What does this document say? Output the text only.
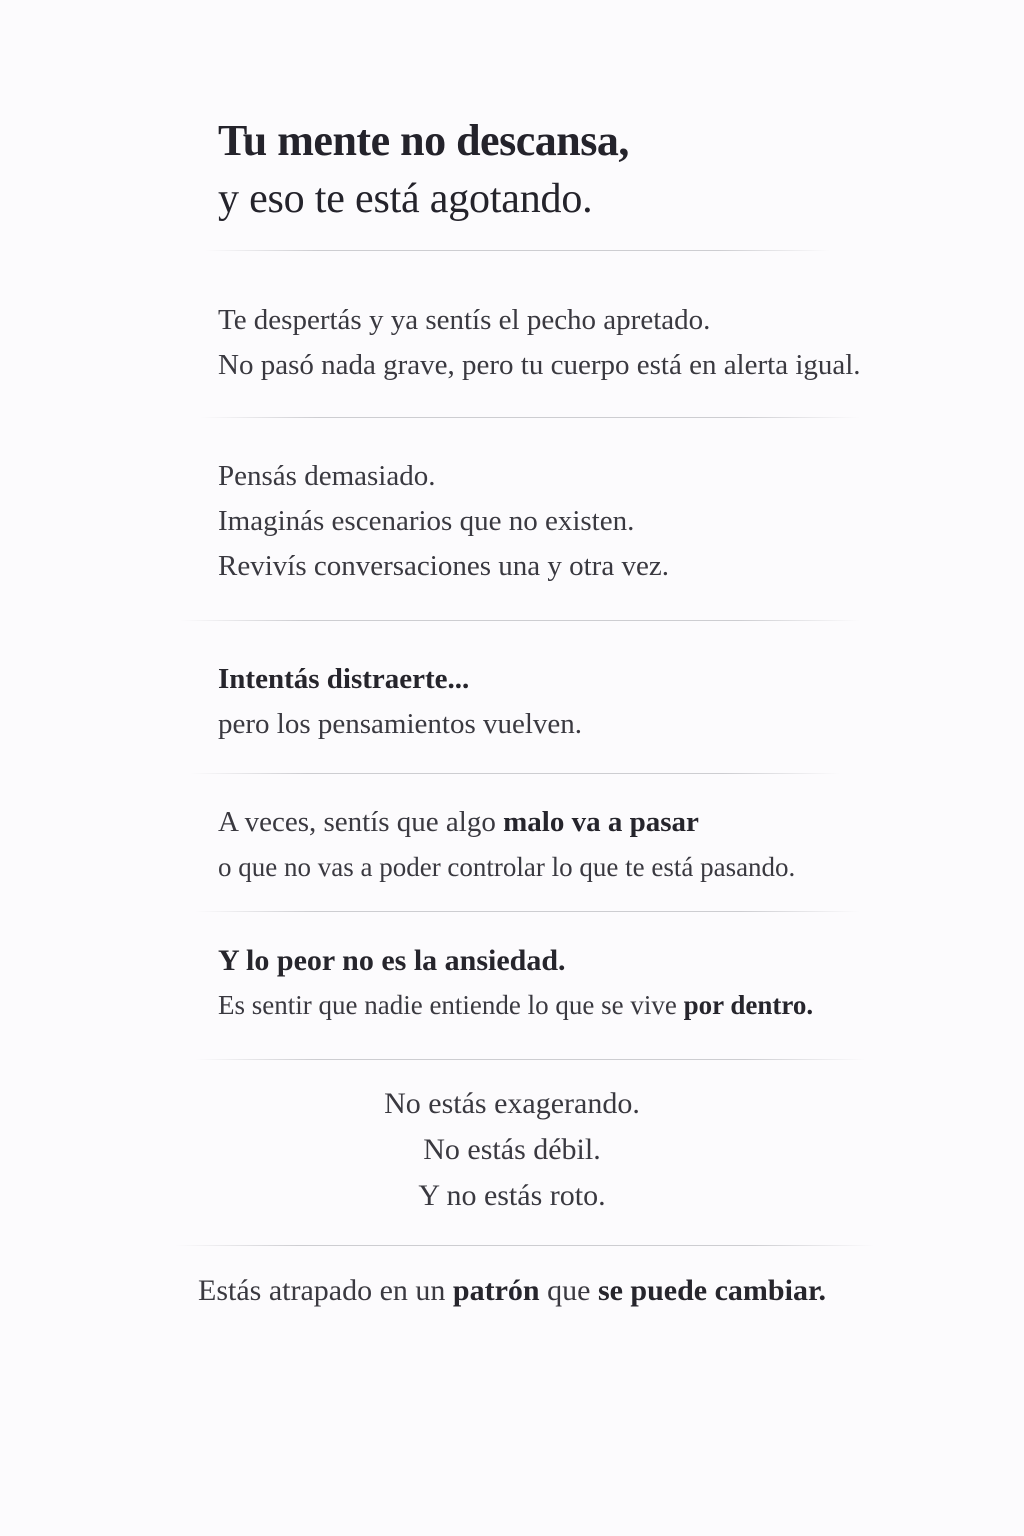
Tu mente no descansa,
y eso te está agotando.

Te despertás y ya sentís el pecho apretado.

No pasó nada grave, pero tu cuerpo está en alerta igual.

Pensás demasiado.

Imaginás escenarios que no existen.

Revivís conversaciones una y otra vez.

Intentás distraerte...

pero los pensamientos vuelven.

A veces, sentís que algo malo va a pasar

o que no vas a poder controlar lo que te está pasando.

Y lo peor no es la ansiedad.

Es sentir que nadie entiende lo que se vive por dentro.

No estás exagerando.

No estás débil.

Y no estás roto.

Estás atrapado en un patrón que se puede cambiar.
